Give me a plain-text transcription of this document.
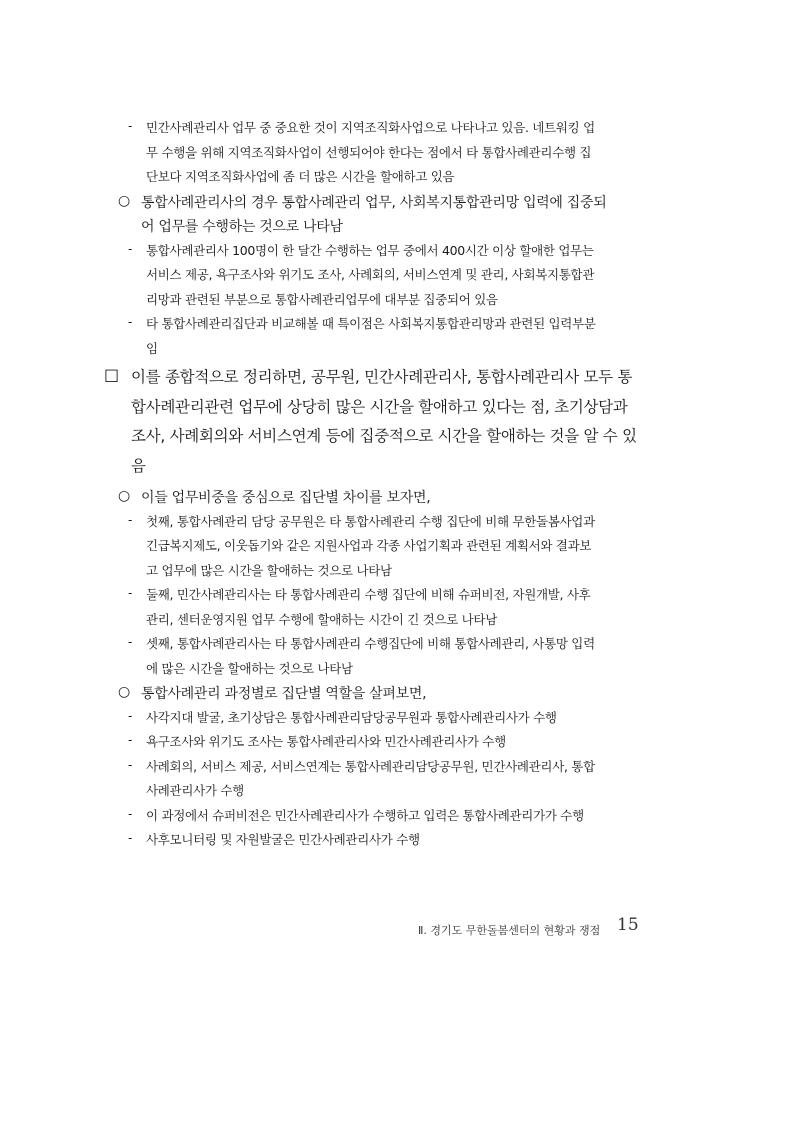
- 민간사례관리사 업무 중 중요한 것이 지역조직화사업으로 나타나고 있음. 네트워킹 업
무 수행을 위해 지역조직화사업이 선행되어야 한다는 점에서 타 통합사례관리수행 집
단보다 지역조직화사업에 좀 더 많은 시간을 할애하고 있음
○ 통합사례관리사의 경우 통합사례관리 업무, 사회복지통합관리망 입력에 집중되
어 업무를 수행하는 것으로 나타남
- 통합사례관리사 100명이 한 달간 수행하는 업무 중에서 400시간 이상 할애한 업무는
서비스 제공, 욕구조사와 위기도 조사, 사례회의, 서비스연계 및 관리, 사회복지통합관
리망과 관련된 부분으로 통합사례관리업무에 대부분 집중되어 있음
- 타 통합사례관리집단과 비교해볼 때 특이점은 사회복지통합관리망과 관련된 입력부분
임
□ 이를 종합적으로 정리하면, 공무원, 민간사례관리사, 통합사례관리사 모두 통
합사례관리관련 업무에 상당히 많은 시간을 할애하고 있다는 점, 초기상담과
조사, 사례회의와 서비스연계 등에 집중적으로 시간을 할애하는 것을 알 수 있
음
○ 이들 업무비중을 중심으로 집단별 차이를 보자면,
- 첫째, 통합사례관리 담당 공무원은 타 통합사례관리 수행 집단에 비해 무한돌봄사업과
긴급복지제도, 이웃돕기와 같은 지원사업과 각종 사업기획과 관련된 계획서와 결과보
고 업무에 많은 시간을 할애하는 것으로 나타남
- 둘째, 민간사례관리사는 타 통합사례관리 수행 집단에 비해 슈퍼비전, 자원개발, 사후
관리, 센터운영지원 업무 수행에 할애하는 시간이 긴 것으로 나타남
- 셋째, 통합사례관리사는 타 통합사례관리 수행집단에 비해 통합사례관리, 사통망 입력
에 많은 시간을 할애하는 것으로 나타남
○ 통합사례관리 과정별로 집단별 역할을 살펴보면,
- 사각지대 발굴, 초기상담은 통합사례관리담당공무원과 통합사례관리사가 수행
- 욕구조사와 위기도 조사는 통합사례관리사와 민간사례관리사가 수행
- 사례회의, 서비스 제공, 서비스연계는 통합사례관리담당공무원, 민간사례관리사, 통합
사례관리사가 수행
- 이 과정에서 슈퍼비전은 민간사례관리사가 수행하고 입력은 통합사례관리가가 수행
- 사후모니터링 및 자원발굴은 민간사례관리사가 수행
Ⅱ. 경기도 무한돌봄센터의 현황과 쟁점 15
